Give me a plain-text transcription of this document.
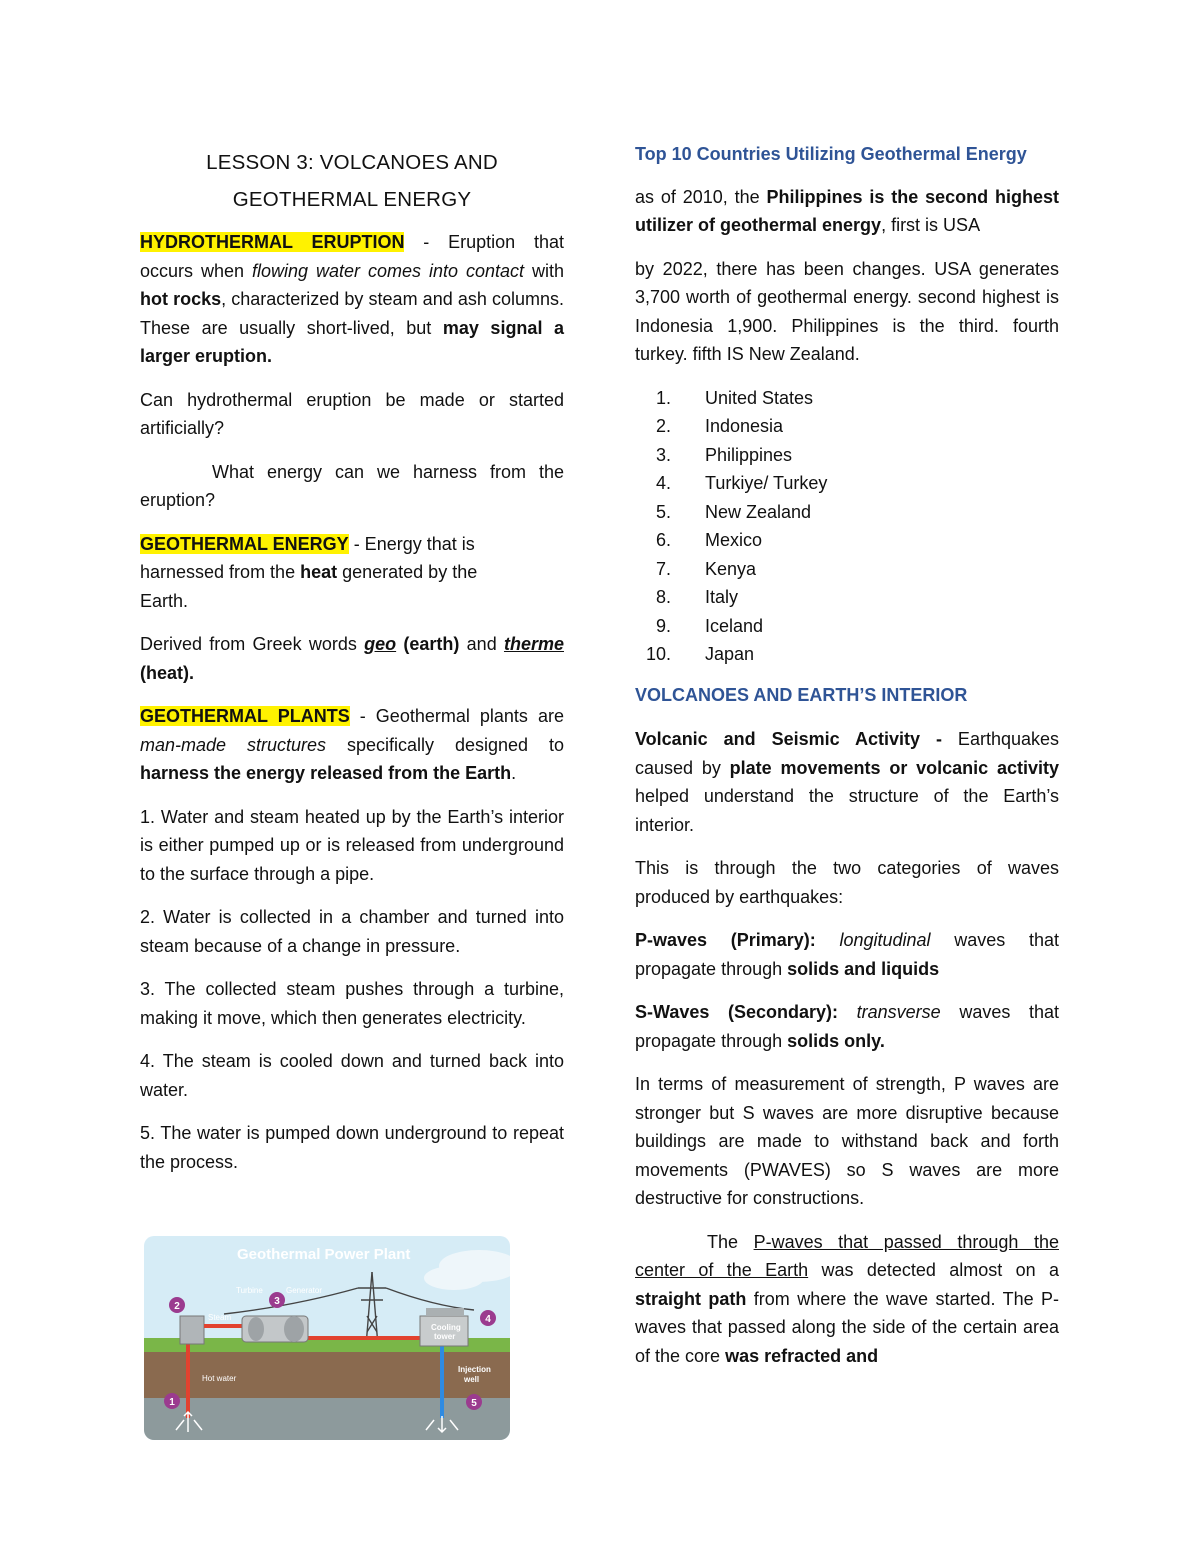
LESSON 3: VOLCANOES AND
GEOTHERMAL ENERGY

HYDROTHERMAL ERUPTION - Eruption that occurs when flowing water comes into contact with hot rocks, characterized by steam and ash columns. These are usually short-lived, but may signal a larger eruption.

Can hydrothermal eruption be made or started artificially?

What energy can we harness from the eruption?

GEOTHERMAL ENERGY - Energy that is harnessed from the heat generated by the Earth.

Derived from Greek words geo (earth) and therme (heat).

GEOTHERMAL PLANTS - Geothermal plants are man-made structures specifically designed to harness the energy released from the Earth.

1. Water and steam heated up by the Earth’s interior is either pumped up or is released from underground to the surface through a pipe.

2. Water is collected in a chamber and turned into steam because of a change in pressure.

3. The collected steam pushes through a turbine, making it move, which then generates electricity.

4. The steam is cooled down and turned back into water.

5. The water is pumped down underground to repeat the process.

Geothermal Power Plant
Cooling
tower
Turbine	Generator
Steam
Hot water
Injection
well
1
2	3
4
5
Top 10 Countries Utilizing Geothermal Energy

as of 2010, the Philippines is the second highest utilizer of geothermal energy, first is USA

by 2022, there has been changes. USA generates 3,700 worth of geothermal energy. second highest is Indonesia 1,900. Philippines is the third. fourth turkey. fifth IS New Zealand.

1.	United States
2.	Indonesia
3.	Philippines
4.	Turkiye/ Turkey
5.	New Zealand
6.	Mexico
7.	Kenya
8.	Italy
9.	Iceland
10.	Japan
VOLCANOES AND EARTH’S INTERIOR

Volcanic and Seismic Activity - Earthquakes caused by plate movements or volcanic activity helped understand the structure of the Earth’s interior.

This is through the two categories of waves produced by earthquakes:

P-waves (Primary): longitudinal waves that propagate through solids and liquids

S-Waves (Secondary): transverse waves that propagate through solids only.

In terms of measurement of strength, P waves are stronger but S waves are more disruptive because buildings are made to withstand back and forth movements (PWAVES) so S waves are more destructive for constructions.

The P-waves that passed through the center of the Earth was detected almost on a straight path from where the wave started. The P-waves that passed along the side of the certain area of the core was refracted and
